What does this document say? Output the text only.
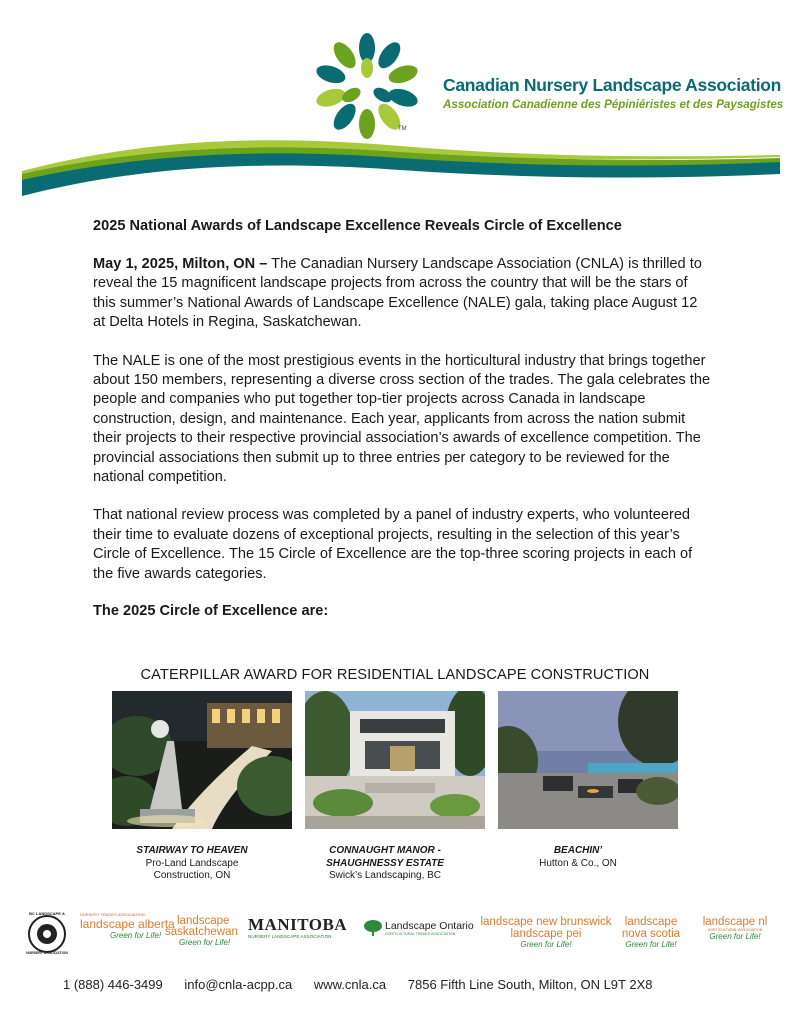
TM
Canadian Nursery Landscape Association
Association Canadienne des Pépiniéristes et des Paysagistes
2025 National Awards of Landscape Excellence Reveals Circle of Excellence

May 1, 2025, Milton, ON – The Canadian Nursery Landscape Association (CNLA) is thrilled to reveal the 15 magnificent landscape projects from across the country that will be the stars of this summer’s National Awards of Landscape Excellence (NALE) gala, taking place August 12 at Delta Hotels in Regina, Saskatchewan.

The NALE is one of the most prestigious events in the horticultural industry that brings together about 150 members, representing a diverse cross section of the trades. The gala celebrates the people and companies who put together top-tier projects across Canada in landscape construction, design, and maintenance. Each year, applicants from across the nation submit their projects to their respective provincial association’s awards of excellence competition. The provincial associations then submit up to three entries per category to be reviewed for the national competition.

That national review process was completed by a panel of industry experts, who volunteered their time to evaluate dozens of exceptional projects, resulting in the selection of this year’s Circle of Excellence. The 15 Circle of Excellence are the top-three scoring projects in each of the five awards categories.

The 2025 Circle of Excellence are:
CATERPILLAR AWARD FOR RESIDENTIAL LANDSCAPE CONSTRUCTION
STAIRWAY TO HEAVEN
Pro-Land Landscape Construction, ON
CONNAUGHT MANOR - SHAUGHNESSY ESTATE
Swick’s Landscaping, BC
BEACHIN’
Hutton & Co., ON
BC LANDSCAPE &
NURSERY ASSOCIATION
NURSERY TRADES ASSOCIATION
landscape alberta
Green for Life!
landscape
saskatchewan
Green for Life!
MANITOBA
NURSERY LANDSCAPE ASSOCIATION
Landscape Ontario
HORTICULTURAL TRADES ASSOCIATION
landscape new brunswick
landscape pei
Green for Life!
landscape
nova scotia
Green for Life!
landscape nl
HORTICULTURAL ASSOCIATION
Green for Life!
1 (888) 446-3499 info@cnla-acpp.ca www.cnla.ca 7856 Fifth Line South, Milton, ON L9T 2X8
